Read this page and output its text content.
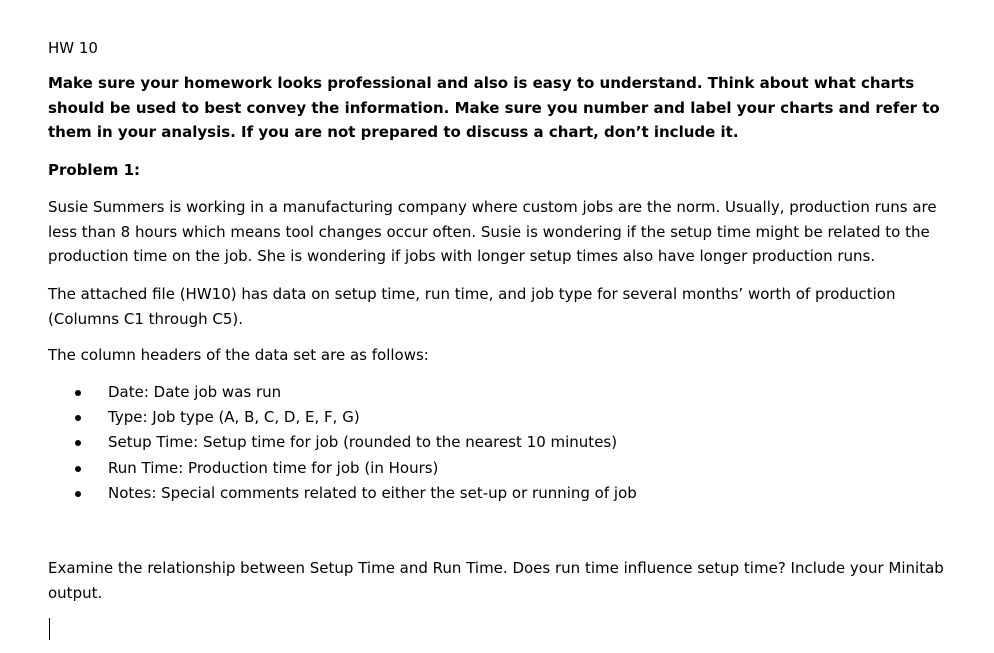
HW 10

Make sure your homework looks professional and also is easy to understand. Think about what charts should be used to best convey the information. Make sure you number and label your charts and refer to them in your analysis. If you are not prepared to discuss a chart, don’t include it.

Problem 1:

Susie Summers is working in a manufacturing company where custom jobs are the norm. Usually, production runs are less than 8 hours which means tool changes occur often. Susie is wondering if the setup time might be related to the production time on the job. She is wondering if jobs with longer setup times also have longer production runs.

The attached file (HW10) has data on setup time, run time, and job type for several months’ worth of production (Columns C1 through C5).

The column headers of the data set are as follows:

Date: Date job was run
Type: Job type (A, B, C, D, E, F, G)
Setup Time: Setup time for job (rounded to the nearest 10 minutes)
Run Time: Production time for job (in Hours)
Notes: Special comments related to either the set-up or running of job

Examine the relationship between Setup Time and Run Time. Does run time influence setup time? Include your Minitab output.
